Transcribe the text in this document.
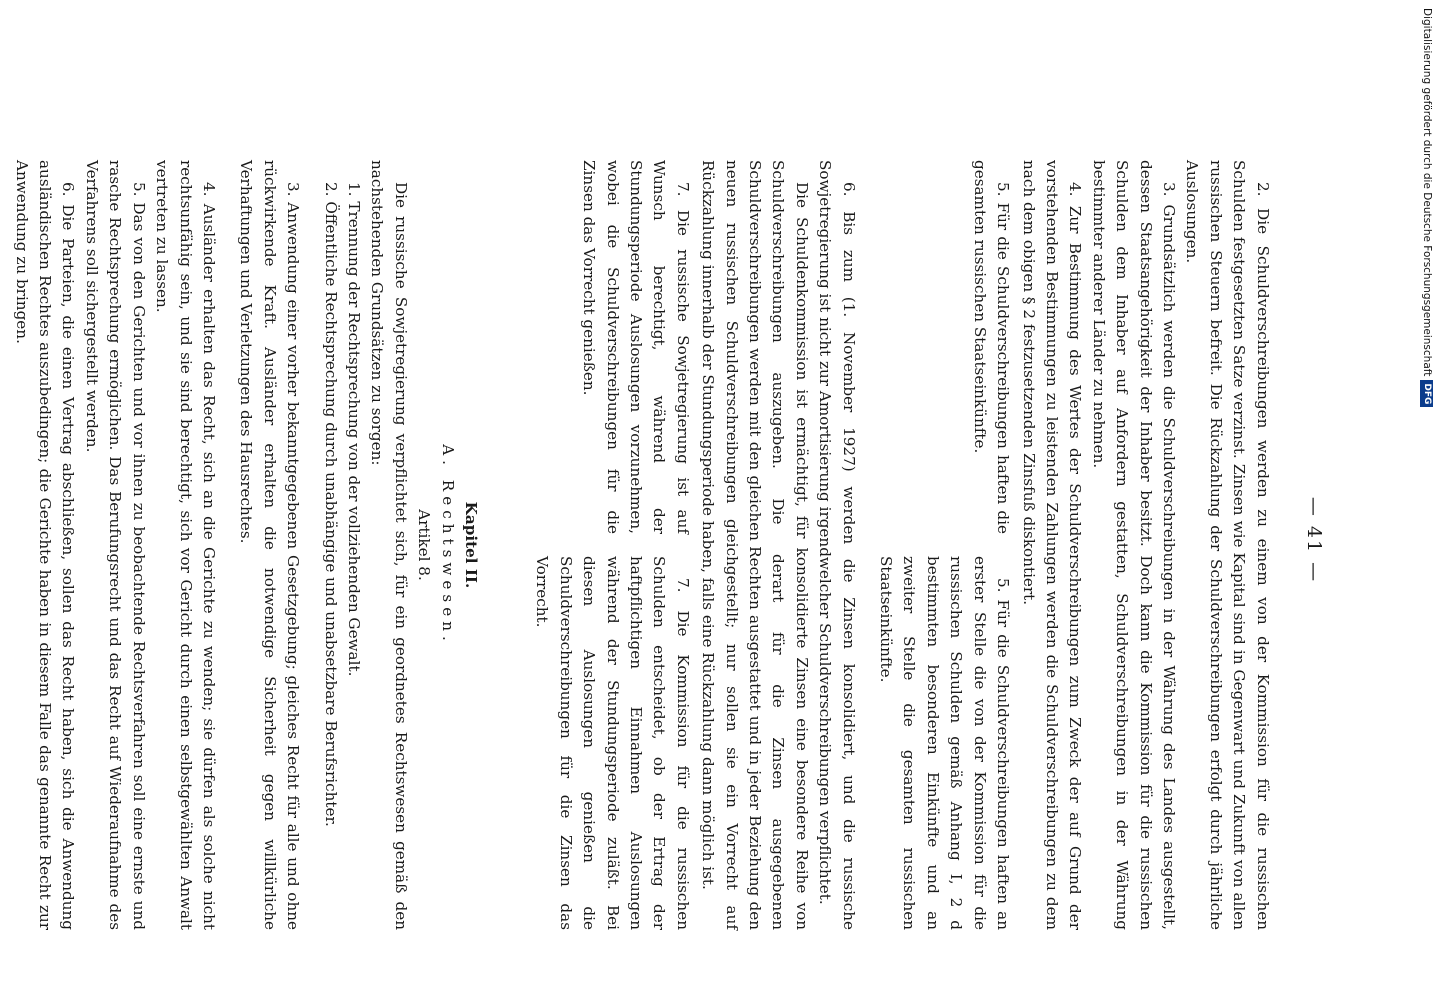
— 41 —

2. Die Schuldverschreibungen werden zu einem von der Kommission für die russischen Schulden festgesetzten Satze verzinst. Zinsen wie Kapital sind in Gegenwart und Zukunft von allen russischen Steuern befreit. Die Rückzahlung der Schuldverschreibungen erfolgt durch jährliche Auslosungen.

3. Grundsätzlich werden die Schuldverschreibungen in der Währung des Landes ausgestellt, dessen Staatsangehörigkeit der Inhaber besitzt. Doch kann die Kommission für die russischen Schulden dem Inhaber auf Anfordern gestatten, Schuldverschreibungen in der Währung bestimmter anderer Länder zu nehmen.

4. Zur Bestimmung des Wertes der Schuldverschreibungen zum Zweck der auf Grund der vorstehenden Bestimmungen zu leistenden Zahlungen werden die Schuldverschreibungen zu dem nach dem obigen § 2 festzusetzenden Zinsfuß diskontiert.

5. Für die Schuldverschreibungen haften die gesamten russischen Staatseinkünfte.

5. Für die Schuldverschreibungen haften an erster Stelle die von der Kommission für die russischen Schulden gemäß Anhang I, 2 d bestimmten besonderen Einkünfte und an zweiter Stelle die gesamten russischen Staatseinkünfte.

6. Bis zum (1. November 1927) werden die Zinsen konsolidiert, und die russische Sowjetregierung ist nicht zur Amortisierung irgendwelcher Schuldverschreibungen verpflichtet.

Die Schuldenkommission ist ermächtigt, für konsolidierte Zinsen eine besondere Reihe von Schuldverschreibungen auszugeben. Die derart für die Zinsen ausgegebenen Schuldverschreibungen werden mit den gleichen Rechten ausgestattet und in jeder Beziehung den neuen russischen Schuldverschreibungen gleichgestellt; nur sollen sie ein Vorrecht auf Rückzahlung innerhalb der Stundungsperiode haben, falls eine Rückzahlung dann möglich ist.

7. Die russische Sowjetregierung ist auf Wunsch berechtigt, während der Stundungsperiode Auslosungen vorzunehmen, wobei die Schuldverschreibungen für die Zinsen das Vorrecht genießen.

7. Die Kommission für die russischen Schulden entscheidet, ob der Ertrag der haftpflichtigen Einnahmen Auslosungen während der Stundungsperiode zuläßt. Bei diesen Auslosungen genießen die Schuldverschreibungen für die Zinsen das Vorrecht.

Kapitel II.

A. Rechtswesen.

Artikel 8.

Die russische Sowjetregierung verpflichtet sich, für ein geordnetes Rechtswesen gemäß den nachstehenden Grundsätzen zu sorgen:

1. Trennung der Rechtsprechung von der vollziehenden Gewalt.

2. Öffentliche Rechtsprechung durch unabhängige und unabsetzbare Berufsrichter.

3. Anwendung einer vorher bekanntgegebenen Gesetzgebung; gleiches Recht für alle und ohne rückwirkende Kraft. Ausländer erhalten die notwendige Sicherheit gegen willkürliche Verhaftungen und Verletzungen des Hausrechtes.

4. Ausländer erhalten das Recht, sich an die Gerichte zu wenden; sie dürfen als solche nicht rechtsunfähig sein, und sie sind berechtigt, sich vor Gericht durch einen selbstgewählten Anwalt vertreten zu lassen.

5. Das von den Gerichten und vor ihnen zu beobachtende Rechtsverfahren soll eine ernste und rasche Rechtsprechung ermöglichen. Das Berufungsrecht und das Recht auf Wiederaufnahme des Verfahrens soll sichergestellt werden.

6. Die Parteien, die einen Vertrag abschließen, sollen das Recht haben, sich die Anwendung ausländischen Rechtes auszubedingen; die Gerichte haben in diesem Falle das genannte Recht zur Anwendung zu bringen.	Digitalisierung gefördert durch die Deutsche Forschungsgemeinschaft
DFG
